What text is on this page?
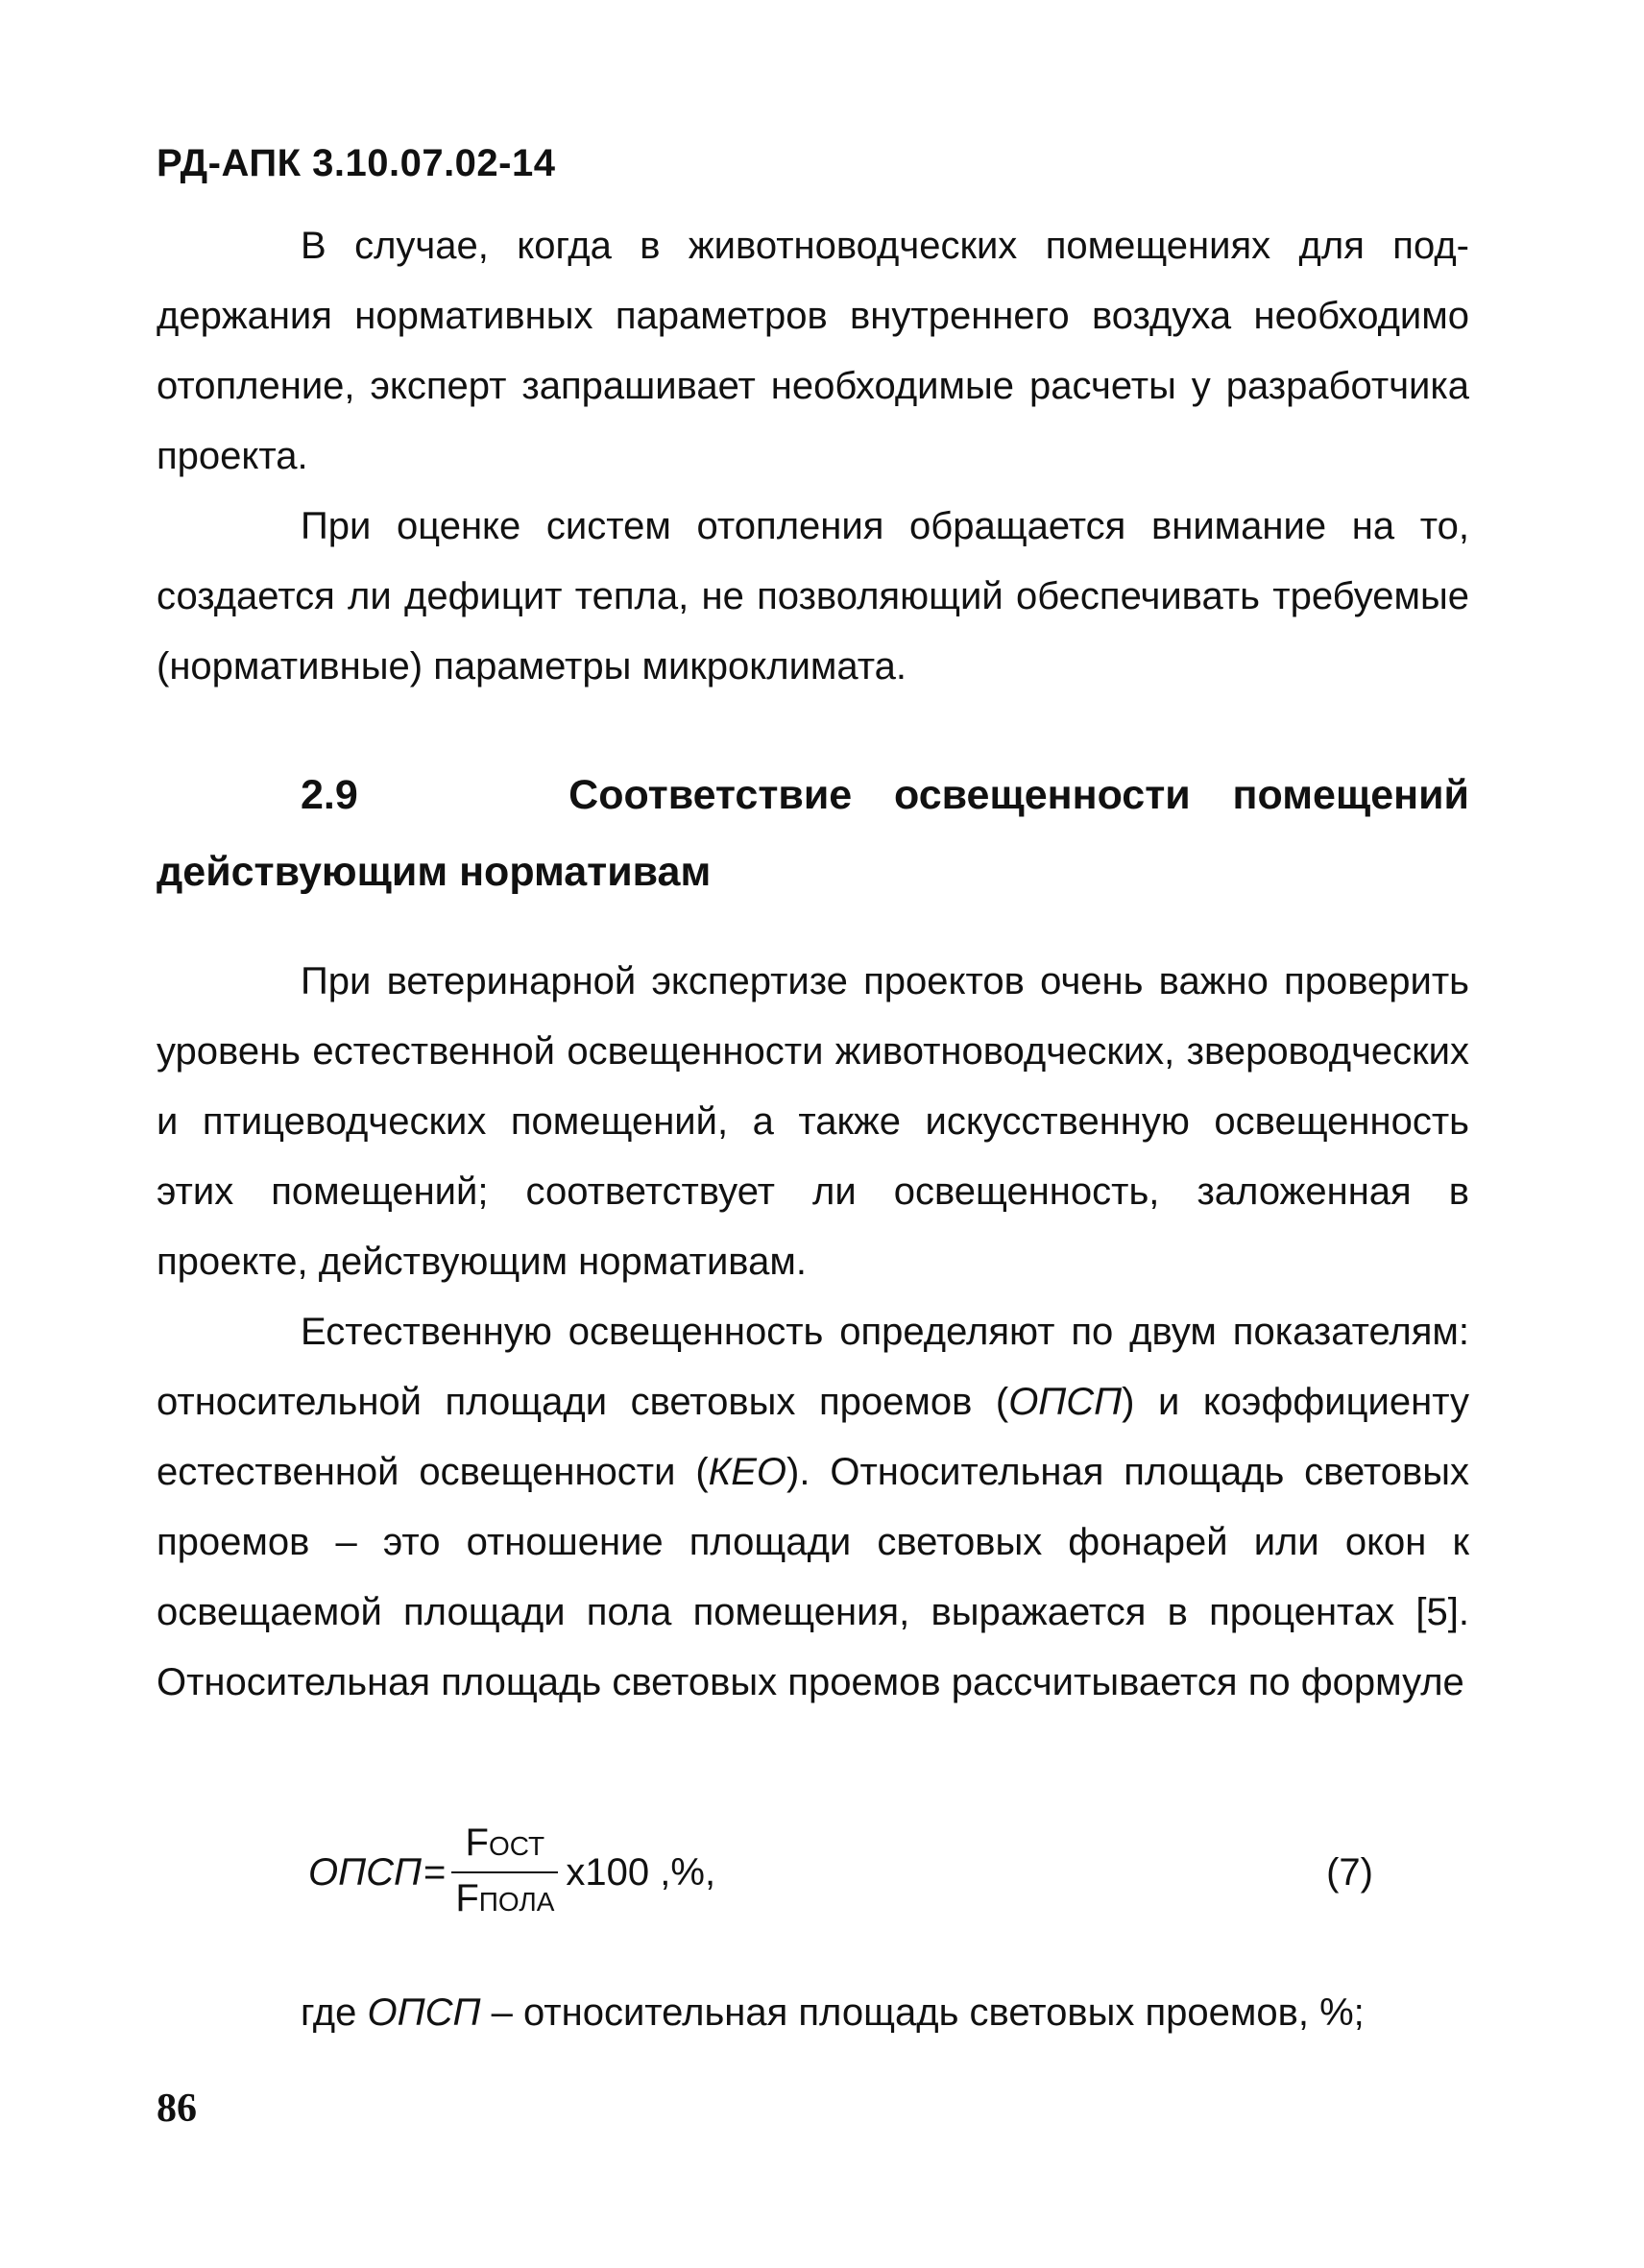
РД-АПК 3.10.07.02-14

В случае, когда в животноводческих помещениях для поддержания нормативных параметров внутреннего воздуха необходимо отопление, эксперт запрашивает необходимые расчеты у разработчика проекта.

При оценке систем отопления обращается внимание на то, создается ли дефицит тепла, не позволяющий обеспечивать требуемые (нормативные) параметры микроклимата.

2.9	Соответствие освещенности помещений действующим нормативам

При ветеринарной экспертизе проектов очень важно проверить уровень естественной освещенности животноводческих, звероводческих и птицеводческих помещений, а также искусственную освещенность этих помещений; соответствует ли освещенность, заложенная в проекте, действующим нормативам.

Естественную освещенность определяют по двум показателям: относительной площади световых проемов (ОПСП) и коэффициенту естественной освещенности (КЕО). Относительная площадь световых проемов – это отношение площади световых фонарей или окон к освещаемой площади пола помещения, выражается в процентах [5]. Относительная площадь световых проемов рассчитывается по формуле

ОПСП = $\frac{\text{FОСТ}}{\text{FПОЛА}} x100$ ,%,	(7)
где ОПСП – относительная площадь световых проемов, %;
86
